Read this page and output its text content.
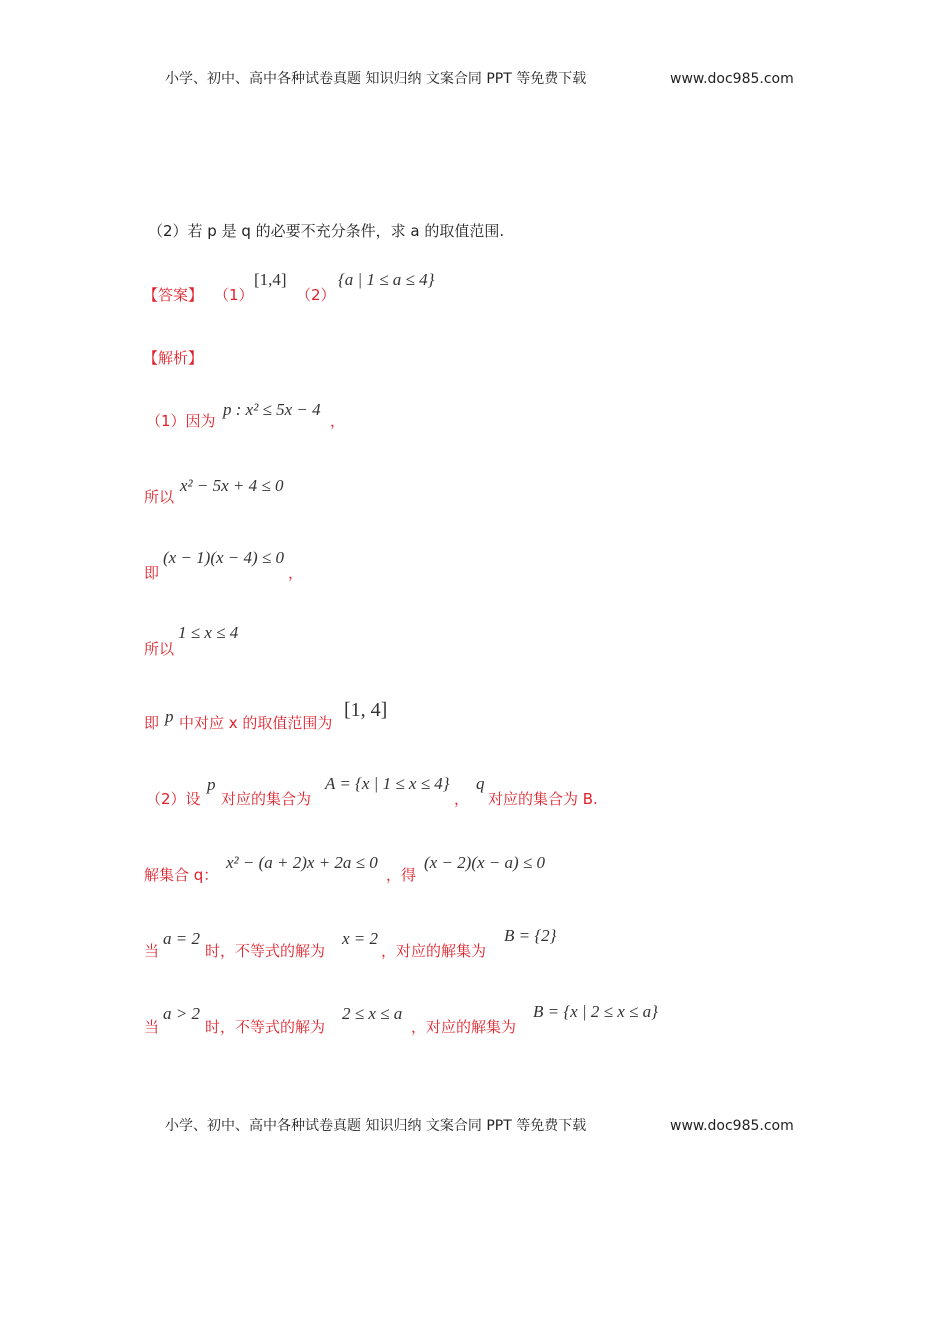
小学、初中、高中各种试卷真题 知识归纳 文案合同 PPT 等免费下载	www.doc985.com
（2）若 p 是 q 的必要不充分条件，求 a 的取值范围.
【答案】 （1）
[1,4]
（2）
{a | 1 ≤ a ≤ 4}
【解析】
（1）因为
p : x² ≤ 5x − 4
，
所以
x² − 5x + 4 ≤ 0
即
(x − 1)(x − 4) ≤ 0
，
所以
1 ≤ x ≤ 4
即 p 中对应 x 的取值范围为
[1, 4]
（2）设
p
对应的集合为
A = {x | 1 ≤ x ≤ 4}
，
q
对应的集合为 B.
解集合 q：
x² − (a + 2)x + 2a ≤ 0
，得
(x − 2)(x − a) ≤ 0
当
a = 2
时，不等式的解为
x = 2
，对应的解集为
B = {2}
当
a > 2
时，不等式的解为
2 ≤ x ≤ a
，对应的解集为
B = {x | 2 ≤ x ≤ a}
小学、初中、高中各种试卷真题 知识归纳 文案合同 PPT 等免费下载	www.doc985.com
